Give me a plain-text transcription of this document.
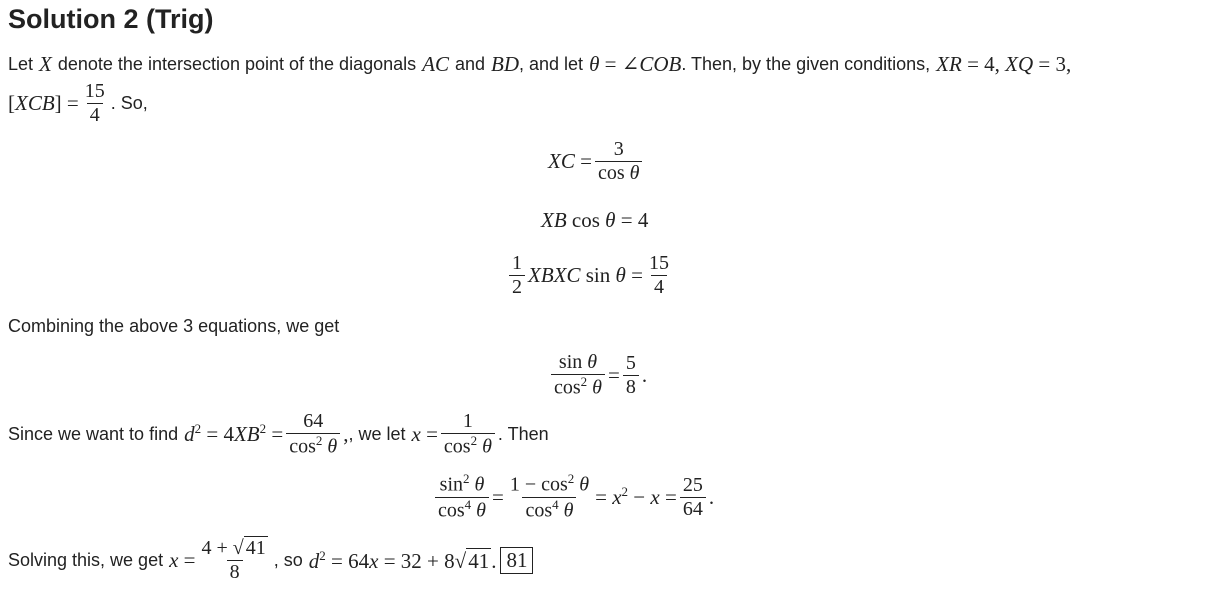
Solution 2 (Trig)
Let X denote the intersection point of the diagonals AC and BD , and let θ = ∠COB . Then, by the given conditions, XR = 4, XQ = 3,
$[XCB] = \frac{15}{4}$ . So,
XC = $\frac{3}{\text{cos θ}}$
XB cos θ = 4
$\frac{1}{2}$ XBXC $\sin \theta = \frac{15}{4}$
Combining the above 3 equations, we get
$\frac{\text{sin θ}}{\cos^2 \theta} = \frac{5}{8}$ .
Since we want to find $d^2 = 4XB^2 = \frac{64}{\cos^2 \theta}$ , , we let $x = \frac{1}{\cos^2 \theta}$ . Then
$\frac{\sin^2 \theta}{\cos^4 \theta} = \frac{1 - \cos^2 \theta}{\cos^4 \theta} = x^2 - x = \frac{25}{64}$ .
Solving this, we get $x = \frac{4 + √ 41}{8}$ , so $d^2 = 64x = 32 + 8√41$. 81
